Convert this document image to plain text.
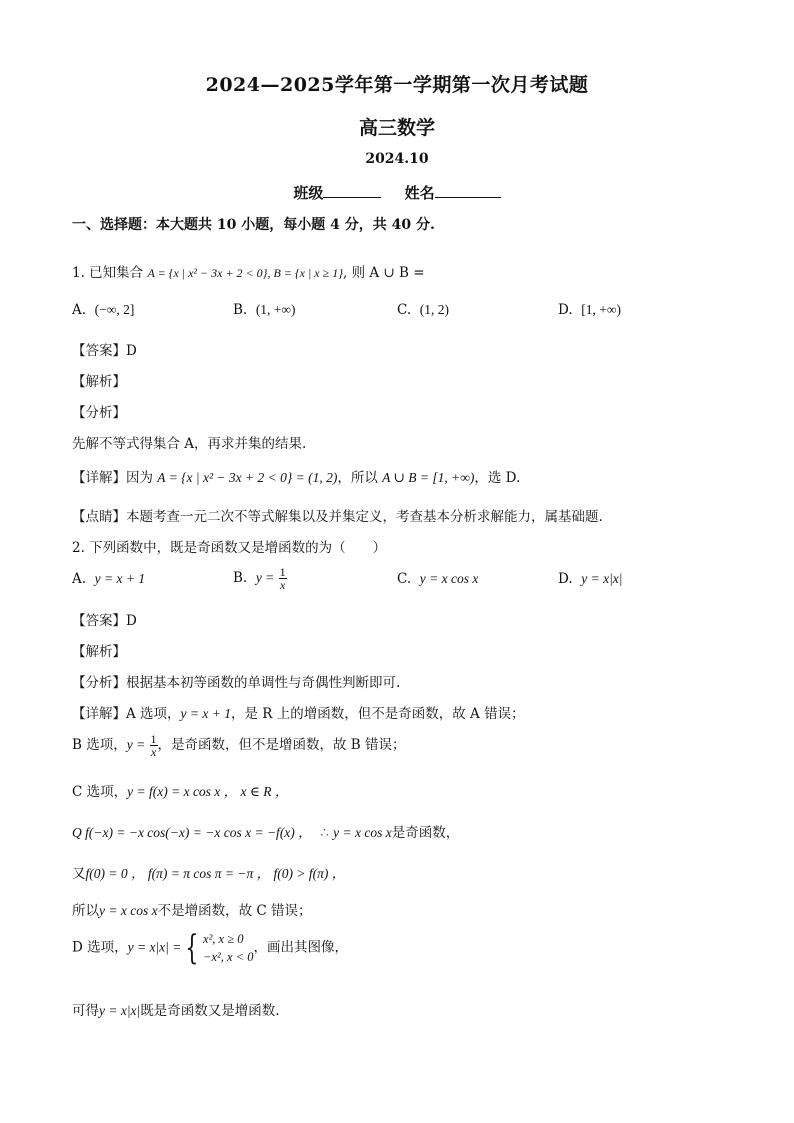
2024—2025学年第一学期第一次月考试题
高三数学
2024.10
班级	姓名
一、选择题：本大题共 10 小题，每小题 4 分，共 40 分.
1. 已知集合 A = {x | x² − 3x + 2 < 0}, B = {x | x ≥ 1}, 则 A ∪ B =
A. (−∞, 2]	B. (1, +∞)	C. (1, 2)	D. [1, +∞)
【答案】D
【解析】
【分析】
先解不等式得集合 A，再求并集的结果.
【详解】因为 A = {x | x² − 3x + 2 < 0} = (1, 2)，所以 A ∪ B = [1, +∞)，选 D.
【点睛】本题考查一元二次不等式解集以及并集定义，考查基本分析求解能力，属基础题.
2. 下列函数中，既是奇函数又是增函数的为（　　）
A. y = x + 1	B. $y = \frac{1}{x}$	C. y = x cos x	D. y = x|x|
【答案】D
【解析】
【分析】根据基本初等函数的单调性与奇偶性判断即可.
【详解】A 选项，y = x + 1，是 R 上的增函数，但不是奇函数，故 A 错误；
B 选项，$y = \frac{1}{x}$ ，是奇函数，但不是增函数，故 B 错误；
C 选项，y = f(x) = x cos x ， x ∈ R ，
Q f(−x) = −x cos(−x) = −x cos x = −f(x) ， ∴ y = x cos x是奇函数，
又f(0) = 0 ， f(π) = π cos π = −π ， f(0) > f(π) ，
所以y = x cos x不是增函数，故 C 错误；
D 选项，y = x|x| = { x², x ≥ 0
−x², x < 0
，画出其图像，
可得y = x|x|既是奇函数又是增函数.
